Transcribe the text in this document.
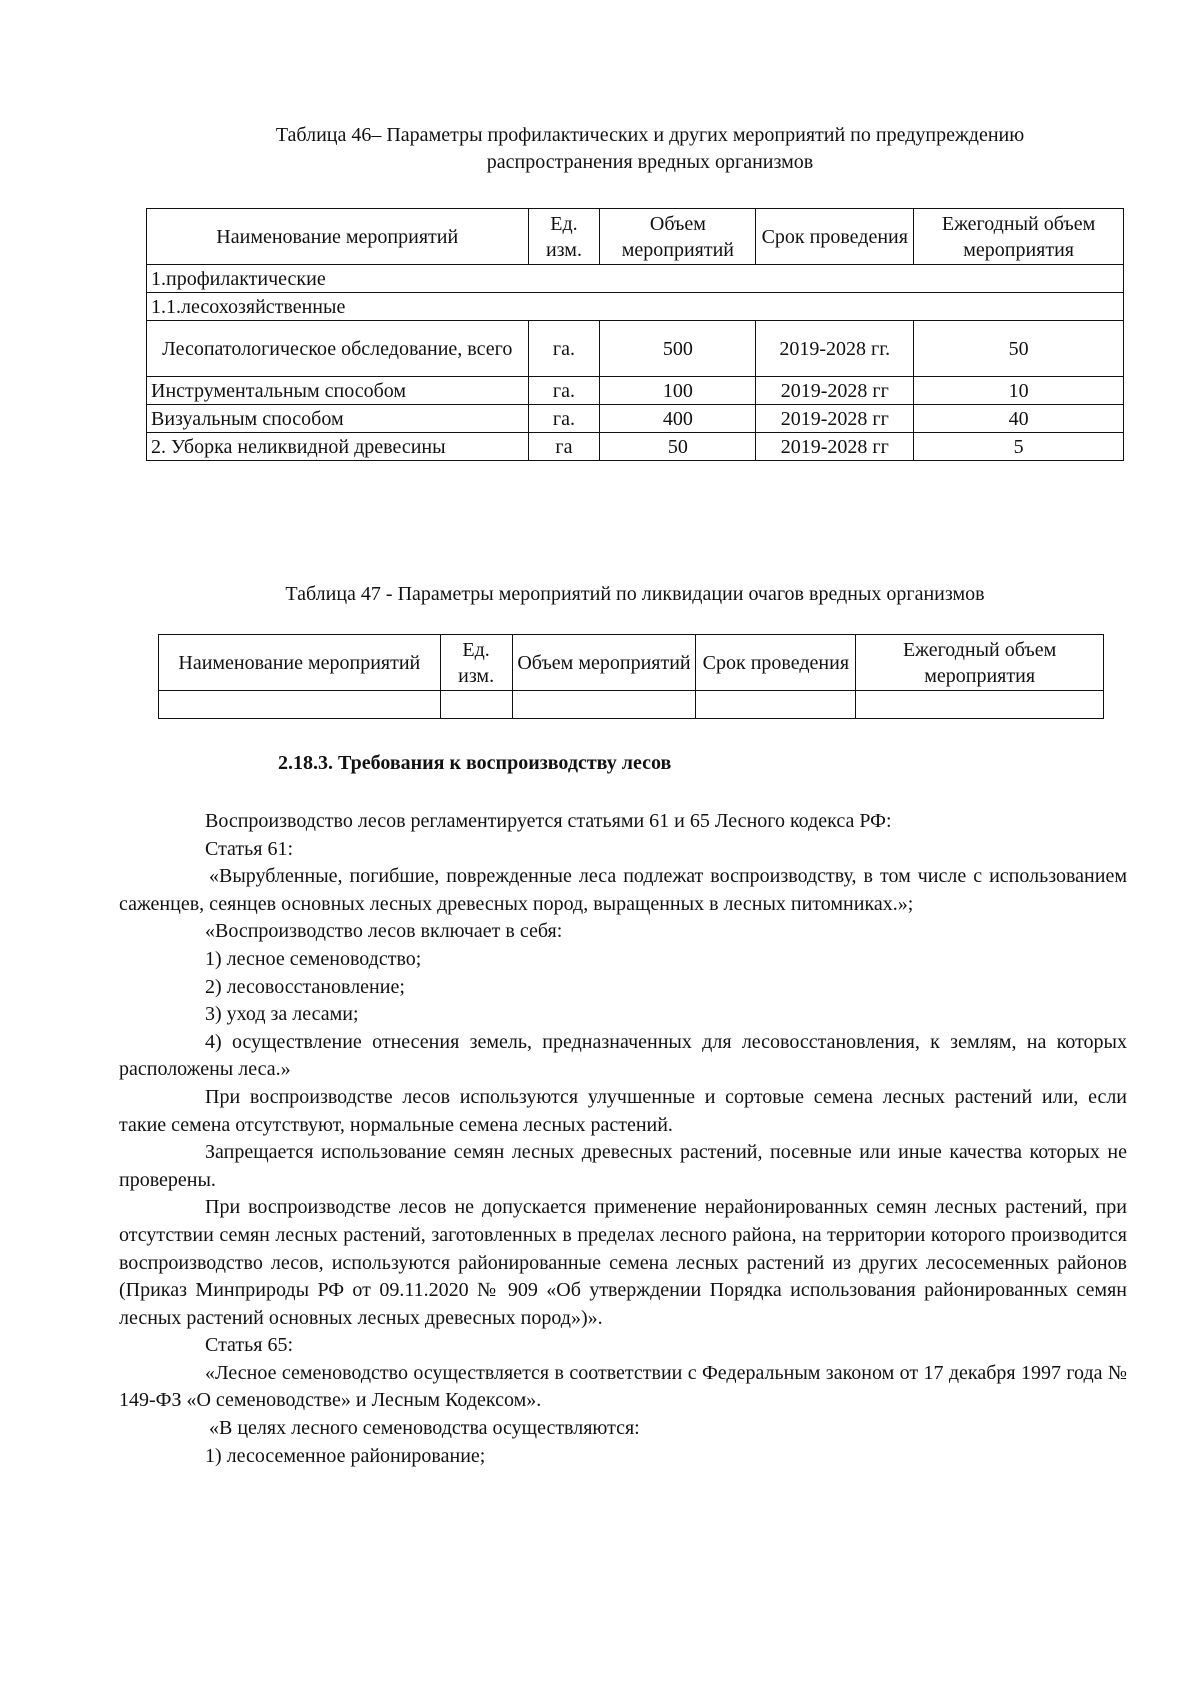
Таблица 46– Параметры профилактических и других мероприятий по предупреждению
распространения вредных организмов
Наименование мероприятий	Ед. изм.	Объем мероприятий	Срок проведения	Ежегодный объем мероприятия
1.профилактические				
1.1.лесохозяйственные				
Лесопатологическое обследование, всего	га.	500	2019-2028 гг.	50
Инструментальным способом	га.	100	2019-2028 гг	10
Визуальным способом	га.	400	2019-2028 гг	40
2. Уборка неликвидной древесины	га	50	2019-2028 гг	5
Таблица 47 - Параметры мероприятий по ликвидации очагов вредных организмов
Наименование мероприятий	Ед. изм.	Объем мероприятий	Срок проведения	Ежегодный объем мероприятия

2.18.3. Требования к воспроизводству лесов

Воспроизводство лесов регламентируется статьями 61 и 65 Лесного кодекса РФ:

Статья 61:

«Вырубленные, погибшие, поврежденные леса подлежат воспроизводству, в том числе с использованием саженцев, сеянцев основных лесных древесных пород, выращенных в лесных питомниках.»;

«Воспроизводство лесов включает в себя:

1) лесное семеноводство;

2) лесовосстановление;

3) уход за лесами;

4) осуществление отнесения земель, предназначенных для лесовосстановления, к землям, на которых расположены леса.»

При воспроизводстве лесов используются улучшенные и сортовые семена лесных растений или, если такие семена отсутствуют, нормальные семена лесных растений.

Запрещается использование семян лесных древесных растений, посевные или иные качества которых не проверены.

При воспроизводстве лесов не допускается применение нерайонированных семян лесных растений, при отсутствии семян лесных растений, заготовленных в пределах лесного района, на территории которого производится воспроизводство лесов, используются районированные семена лесных растений из других лесосеменных районов (Приказ Минприроды РФ от 09.11.2020 № 909 «Об утверждении Порядка использования районированных семян лесных растений основных лесных древесных пород»)».

Статья 65:

«Лесное семеноводство осуществляется в соответствии с Федеральным законом от 17 декабря 1997 года № 149-ФЗ «О семеноводстве» и Лесным Кодексом».

«В целях лесного семеноводства осуществляются:

1) лесосеменное районирование;
